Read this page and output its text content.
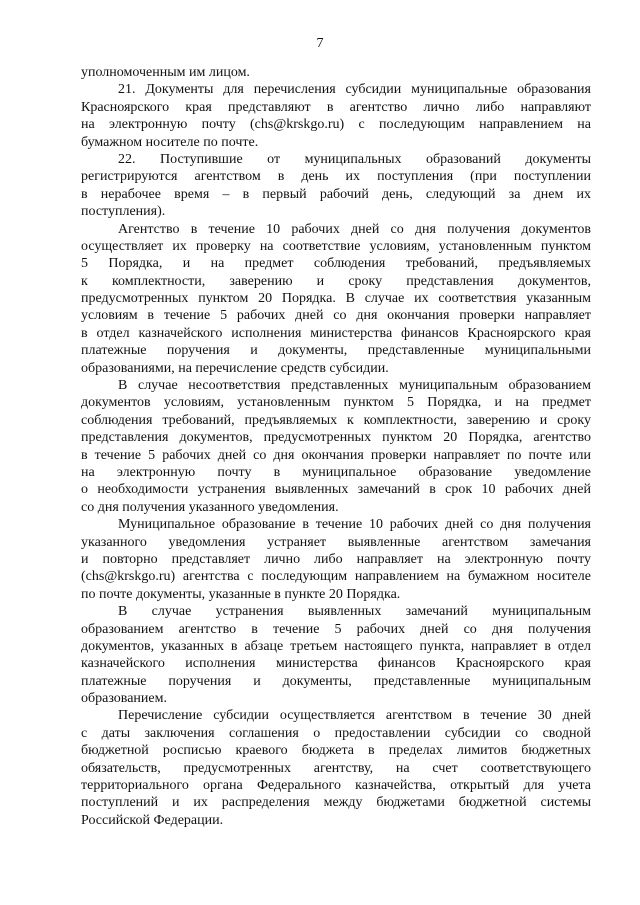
7
уполномоченным им лицом.
21. Документы для перечисления субсидии муниципальные образования
Красноярского края представляют в агентство лично либо направляют
на электронную почту (chs@krskgo.ru) с последующим направлением на
бумажном носителе по почте.
22. Поступившие от муниципальных образований документы
регистрируются агентством в день их поступления (при поступлении
в нерабочее время – в первый рабочий день, следующий за днем их
поступления).
Агентство в течение 10 рабочих дней со дня получения документов
осуществляет их проверку на соответствие условиям, установленным пунктом
5 Порядка, и на предмет соблюдения требований, предъявляемых
к комплектности, заверению и сроку представления документов,
предусмотренных пунктом 20 Порядка. В случае их соответствия указанным
условиям в течение 5 рабочих дней со дня окончания проверки направляет
в отдел казначейского исполнения министерства финансов Красноярского края
платежные поручения и документы, представленные муниципальными
образованиями, на перечисление средств субсидии.
В случае несоответствия представленных муниципальным образованием
документов условиям, установленным пунктом 5 Порядка, и на предмет
соблюдения требований, предъявляемых к комплектности, заверению и сроку
представления документов, предусмотренных пунктом 20 Порядка, агентство
в течение 5 рабочих дней со дня окончания проверки направляет по почте или
на электронную почту в муниципальное образование уведомление
о необходимости устранения выявленных замечаний в срок 10 рабочих дней
со дня получения указанного уведомления.
Муниципальное образование в течение 10 рабочих дней со дня получения
указанного уведомления устраняет выявленные агентством замечания
и повторно представляет лично либо направляет на электронную почту
(chs@krskgo.ru) агентства с последующим направлением на бумажном носителе
по почте документы, указанные в пункте 20 Порядка.
В случае устранения выявленных замечаний муниципальным
образованием агентство в течение 5 рабочих дней со дня получения
документов, указанных в абзаце третьем настоящего пункта, направляет в отдел
казначейского исполнения министерства финансов Красноярского края
платежные поручения и документы, представленные муниципальным
образованием.
Перечисление субсидии осуществляется агентством в течение 30 дней
с даты заключения соглашения о предоставлении субсидии со сводной
бюджетной росписью краевого бюджета в пределах лимитов бюджетных
обязательств, предусмотренных агентству, на счет соответствующего
территориального органа Федерального казначейства, открытый для учета
поступлений и их распределения между бюджетами бюджетной системы
Российской Федерации.
